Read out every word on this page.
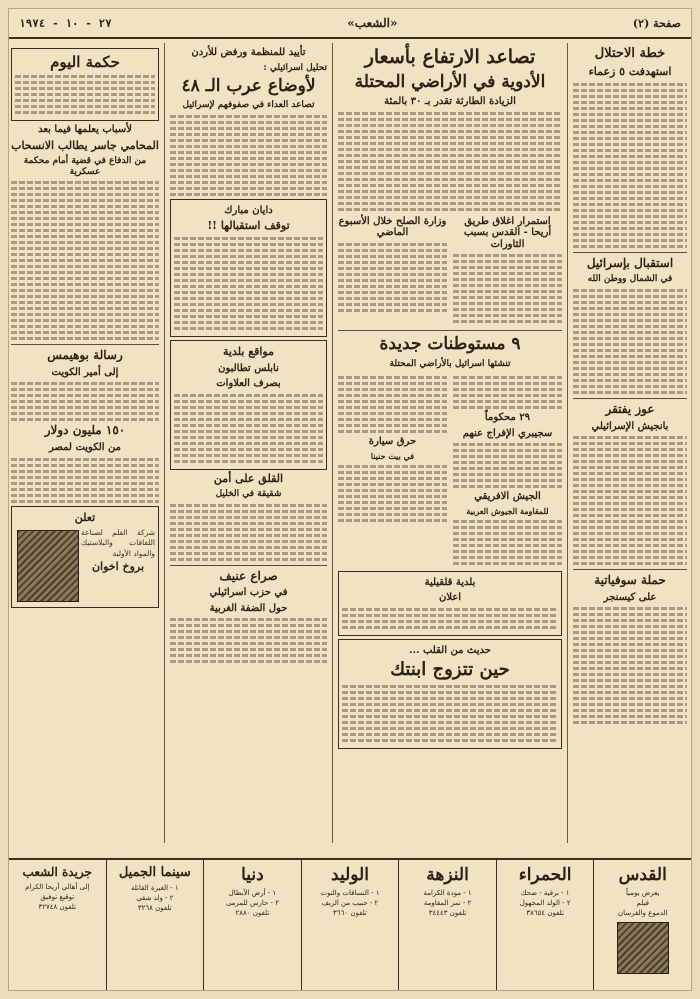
صفحة (٢)
«الشعب»
٢٧ - ١٠ - ١٩٧٤
خطة الاحتلال
استهدفت ٥ زعماء
استقبال بإسرائيل
في الشمال ووطن الله
عوز يفتقر
بانجيش الإسرائيلي
حملة سوفياتية
على كيسنجر
تصاعد الارتفاع بأسعار
الأدوية في الأراضي المحتلة
الزيادة الطارئة تقدر بـ ٣٠ بالمئة
استمرار اغلاق طريق أريحا - القدس بسبب الثاورات
وزارة الصلح خلال الأسبوع الماضي
٩ مستوطنات جديدة
تنشئها اسرائيل بالأراضي المحتلة
٢٩ محكوماً
سجيبري الإفراج عنهم
الجيش الافريقي
للمقاومة الجيوش العربية
حرق سيارة
في بيت حنينا
بلدية قلقيلية
اعلان
حديث من القلب ...
حين تتزوج ابنتك
تأييد للمنظمة ورفض للأردن
تحليل اسرائيلي :
لأوضاع عرب الـ ٤٨
تصاعد العداء في صفوفهم لإسرائيل
دايان مبارك
توقف استقبالها !!
مواقع بلدية
نابلس تطالبون
بصرف العلاوات
القلق على أمن
شقيقة في الخليل
صراع عنيف
في حزب اسرائيلي
حول الضفة الغربية
حكمة اليوم
لأسباب يعلمها فيما بعد
المحامي جاسر يطالب الانسحاب
من الدفاع في قضية أمام محكمة عسكرية
رسالة بوهيمس
إلى أمير الكويت
١٥٠ مليون دولار
من الكويت لمصر
تعلن
شركة القلم لصناعة اللفافات والبلاستيك والمواد الأولية
بروخ اخوان
القدس
يعرض يومياً
فيلم
الدموع والفرسان
الحمراء
١ - برقية - ضحك
٢ - الولد المجهول
تلفون ٣٨٦٥٤
النزهة
١ - مودة الكرامة
٢ - نمر المقاومة
تلفون ٣٤٤٤٣
الوليد
١ - النساقات والتوت
٢ - حبيب من الريف
تلفون ٣٦٦٠
دنيا
١ - أرض الأبطال
٢ - حارس للمرمى
تلفون ٢٨٨٠
سينما الجميل
١ - الغيرة القاتلة
٢ - ولد شقي
تلفون ٣٢٦٨
جريدة الشعب
إلى أهالي أريحا الكرام
توقيع توفيق
تلفون ٣٢٧٤٨
